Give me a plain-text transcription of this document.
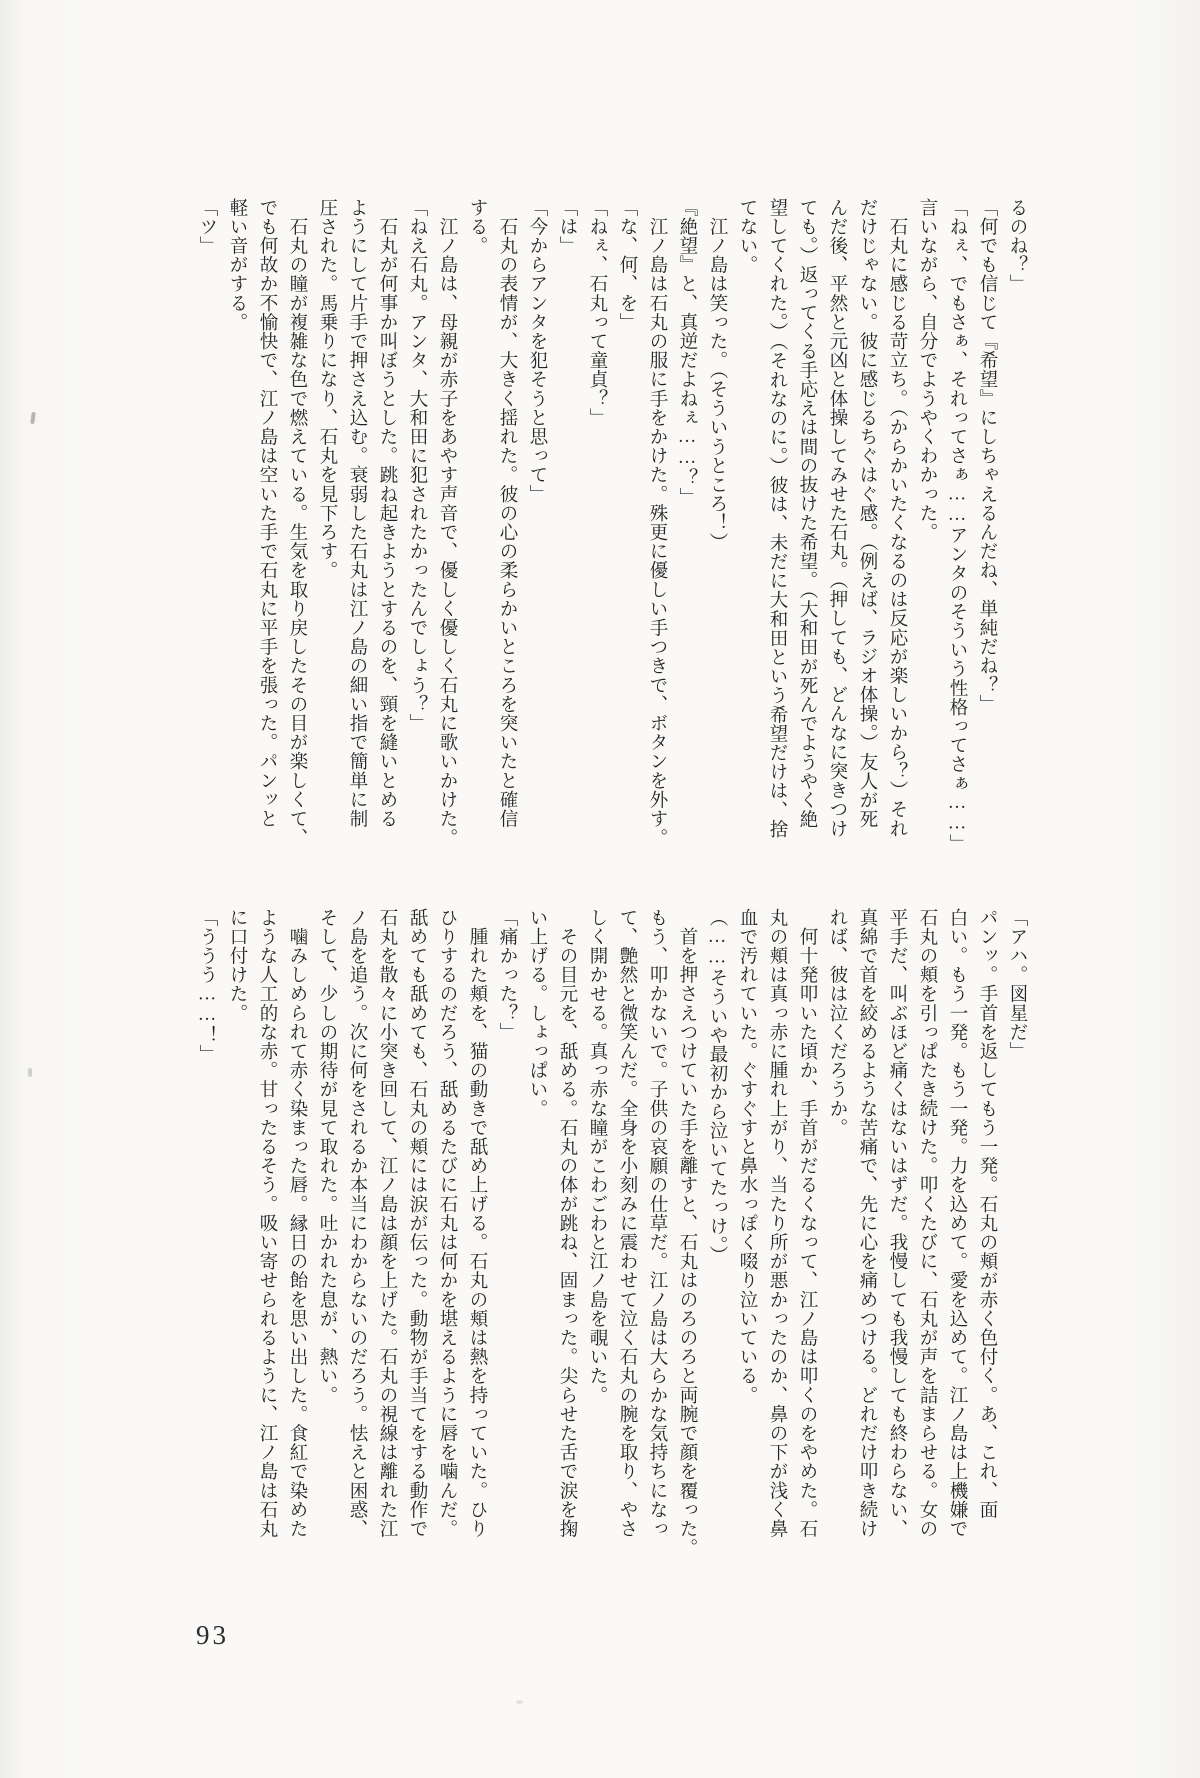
るのね？」

「何でも信じて『希望』にしちゃえるんだね、単純だね？」

「ねぇ、でもさぁ、それってさぁ……アンタのそういう性格ってさぁ……」

言いながら、自分でようやくわかった。

　石丸に感じる苛立ち。（からかいたくなるのは反応が楽しいから？）それ

だけじゃない。彼に感じるちぐはぐ感。（例えば、ラジオ体操。）友人が死

んだ後、平然と元凶と体操してみせた石丸。（押しても、どんなに突きつけ

ても。）返ってくる手応えは間の抜けた希望。（大和田が死んでようやく絶

望してくれた。）（それなのに。）彼は、未だに大和田という希望だけは、捨

てない。

　江ノ島は笑った。（そういうところ！）

『絶望』と、真逆だよねぇ……？」

　江ノ島は石丸の服に手をかけた。殊更に優しい手つきで、ボタンを外す。

「な、何、を」

「ねぇ、石丸って童貞？」

「は」

「今からアンタを犯そうと思って」

　石丸の表情が、大きく揺れた。彼の心の柔らかいところを突いたと確信

する。

　江ノ島は、母親が赤子をあやす声音で、優しく優しく石丸に歌いかけた。

「ねえ石丸。アンタ、大和田に犯されたかったんでしょう？」

　石丸が何事か叫ぼうとした。跳ね起きようとするのを、頸を縫いとめる

ようにして片手で押さえ込む。衰弱した石丸は江ノ島の細い指で簡単に制

圧された。馬乗りになり、石丸を見下ろす。

　石丸の瞳が複雑な色で燃えている。生気を取り戻したその目が楽しくて、

でも何故か不愉快で、江ノ島は空いた手で石丸に平手を張った。パンッと

軽い音がする。

「ツ」

「アハ。図星だ」

パンッ。手首を返してもう一発。石丸の頬が赤く色付く。あ、これ、面

白い。もう一発。もう一発。力を込めて。愛を込めて。江ノ島は上機嫌で

石丸の頬を引っぱたき続けた。叩くたびに、石丸が声を詰まらせる。女の

平手だ、叫ぶほど痛くはないはずだ。我慢しても我慢しても終わらない、

真綿で首を絞めるような苦痛で、先に心を痛めつける。どれだけ叩き続け

れば、彼は泣くだろうか。

　何十発叩いた頃か、手首がだるくなって、江ノ島は叩くのをやめた。石

丸の頬は真っ赤に腫れ上がり、当たり所が悪かったのか、鼻の下が浅く鼻

血で汚れていた。ぐすぐすと鼻水っぽく啜り泣いている。

（……そういや最初から泣いてたっけ。）

　首を押さえつけていた手を離すと、石丸はのろのろと両腕で顔を覆った。

もう、叩かないで。子供の哀願の仕草だ。江ノ島は大らかな気持ちになっ

て、艶然と微笑んだ。全身を小刻みに震わせて泣く石丸の腕を取り、やさ

しく開かせる。真っ赤な瞳がこわごわと江ノ島を覗いた。

　その目元を、舐める。石丸の体が跳ね、固まった。尖らせた舌で涙を掬

い上げる。しょっぱい。

「痛かった？」

　腫れた頬を、猫の動きで舐め上げる。石丸の頬は熱を持っていた。ひり

ひりするのだろう、舐めるたびに石丸は何かを堪えるように唇を噛んだ。

舐めても舐めても、石丸の頬には涙が伝った。動物が手当てをする動作で

石丸を散々に小突き回して、江ノ島は顔を上げた。石丸の視線は離れた江

ノ島を追う。次に何をされるか本当にわからないのだろう。怯えと困惑、

そして、少しの期待が見て取れた。吐かれた息が、熱い。

　噛みしめられて赤く染まった唇。縁日の飴を思い出した。食紅で染めた

ような人工的な赤。甘ったるそう。吸い寄せられるように、江ノ島は石丸

に口付けた。

「ううう……！」

93
